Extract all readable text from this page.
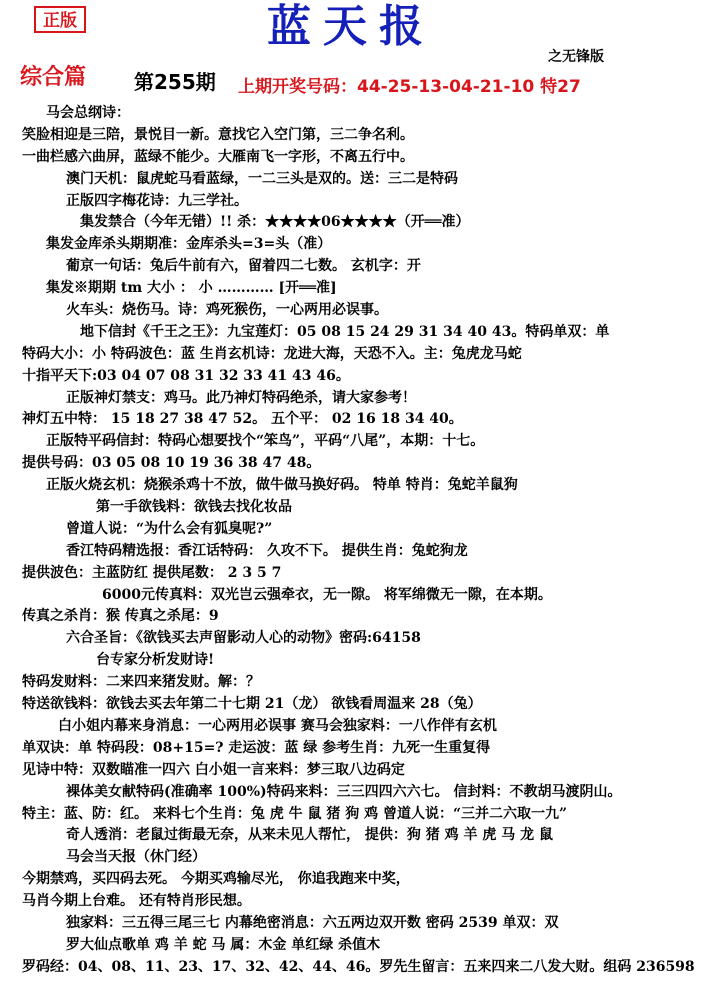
正版	蓝天报
之无锋版
综合篇 第255期 上期开奖号码：44-25-13-04-21-10 特27
马会总纲诗：
笑脸相迎是三陪，景悦目一新。意找它入空门第，三二争名利。
一曲栏感六曲屏，蓝绿不能少。大雁南飞一字形，不离五行中。
澳门天机：鼠虎蛇马看蓝绿，一二三头是双的。送：三二是特码
正版四字梅花诗：九三学社。
集发禁合（今年无错）!! 杀：★★★★06★★★★（开══准）
集发金库杀头期期准：金库杀头=3=头（准）
葡京一句话：兔后牛前有六，留着四二七数。 玄机字：开
集发※期期 tm 大小 ： 小 ………… [开══准]
火车头：烧伤马。诗：鸡死猴伤，一心两用必误事。
地下信封《千王之王》：九宝莲灯：05 08 15 24 29 31 34 40 43。特码单双：单
特码大小：小 特码波色：蓝 生肖玄机诗：龙进大海，天恐不入。主：兔虎龙马蛇
十指平天下:03 04 07 08 31 32 33 41 43 46。
正版神灯禁支：鸡马。此乃神灯特码绝杀，请大家参考！
神灯五中特： 15 18 27 38 47 52。 五个平： 02 16 18 34 40。
正版特平码信封：特码心想要找个“笨鸟”，平码“八尾”，本期：十七。
提供号码：03 05 08 10 19 36 38 47 48。
正版火烧玄机：烧猴杀鸡十不放，做牛做马换好码。 特单 特肖：兔蛇羊鼠狗
第一手欲钱料：欲钱去找化妆品
曾道人说：“为什么会有狐臭呢?”
香江特码精选报：香江话特码： 久攻不下。 提供生肖：兔蛇狗龙
提供波色：主蓝防红 提供尾数： 2 3 5 7
6000元传真料：双光岂云强牵衣，无一隙。 将军绵微无一隙，在本期。
传真之杀肖：猴 传真之杀尾：9
六合圣旨：《欲钱买去声留影动人心的动物》密码:64158
台专家分析发财诗!
特码发财料：二来四来猪发财。解：？
特送欲钱料：欲钱去买去年第二十七期 21（龙） 欲钱看周温来 28（兔）
白小姐内幕来身消息：一心两用必误事 赛马会独家料：一八作伴有玄机
单双诀：单 特码段：08+15=? 走运波：蓝 绿 参考生肖：九死一生重复得
见诗中特：双数瞄准一四六 白小姐一言来料：梦三取八边码定
裸体美女献特码(准确率 100%)特码来料：三三四四六六七。 信封料：不教胡马渡阴山。
特主：蓝、防：红。 来料七个生肖：兔 虎 牛 鼠 猪 狗 鸡 曾道人说：“三并二六取一九”
奇人透消：老鼠过街最无奈，从来未见人帮忙， 提供：狗 猪 鸡 羊 虎 马 龙 鼠
马会当天报（休门经）
今期禁鸡，买四码去死。 今期买鸡输尽光， 你追我跑来中奖，
马肖今期上台难。 还有特肖形民想。
独家料：三五得三尾三七 内幕绝密消息：六五两边双开数 密码 2539 单双：双
罗大仙点歌单 鸡 羊 蛇 马 属：木金 单红绿 杀值木
罗码经：04、08、11、23、17、32、42、44、46。罗先生留言：五来四来二八发大财。组码 236598
